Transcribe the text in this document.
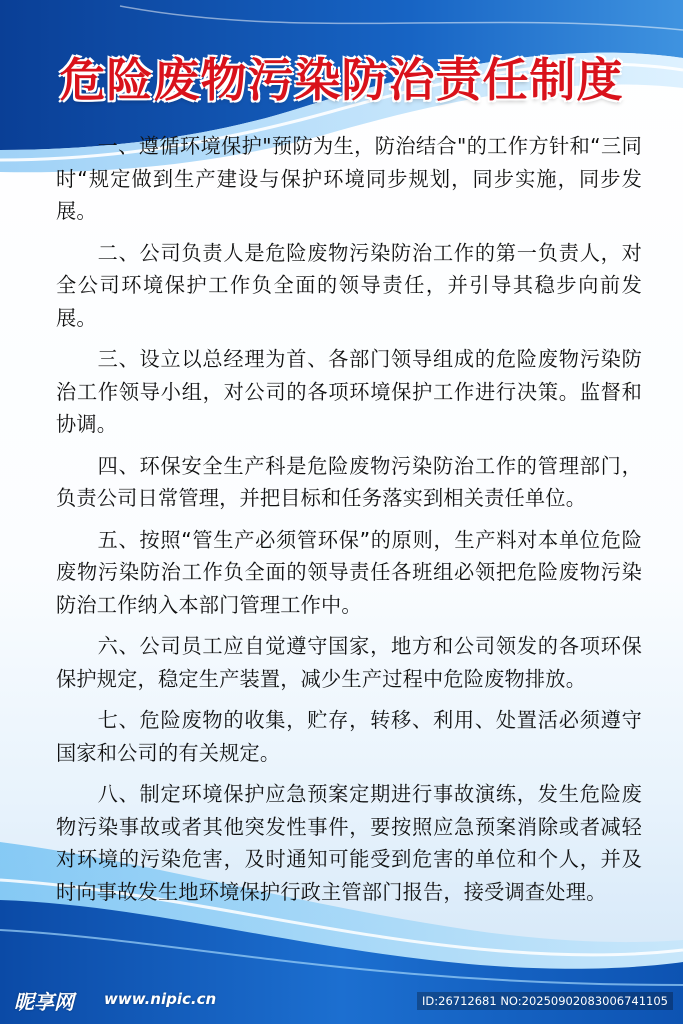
危险废物污染防治责任制度

一、遵循环境保护"预防为生，防治结合"的工作方针和“三同时“规定做到生产建设与保护环境同步规划，同步实施，同步发展。

二、公司负责人是危险废物污染防治工作的第一负责人，对全公司环境保护工作负全面的领导责任，并引导其稳步向前发展。

三、设立以总经理为首、各部门领导组成的危险废物污染防治工作领导小组，对公司的各项环境保护工作进行决策。监督和协调。

四、环保安全生产科是危险废物污染防治工作的管理部门，负责公司日常管理，并把目标和任务落实到相关责任单位。

五、按照“管生产必须管环保”的原则，生产料对本单位危险废物污染防治工作负全面的领导责任各班组必领把危险废物污染防治工作纳入本部门管理工作中。

六、公司员工应自觉遵守国家，地方和公司领发的各项环保保护规定，稳定生产装置，减少生产过程中危险废物排放。

七、危险废物的收集，贮存，转移、利用、处置活必须遵守国家和公司的有关规定。

八、制定环境保护应急预案定期进行事故演练，发生危险废物污染事故或者其他突发性事件，要按照应急预案消除或者减轻对环境的污染危害，及时通知可能受到危害的单位和个人，并及时向事故发生地环境保护行政主管部门报告，接受调查处理。

昵享网 www.nipic.cn	ID:26712681 NO:20250902083006741105
